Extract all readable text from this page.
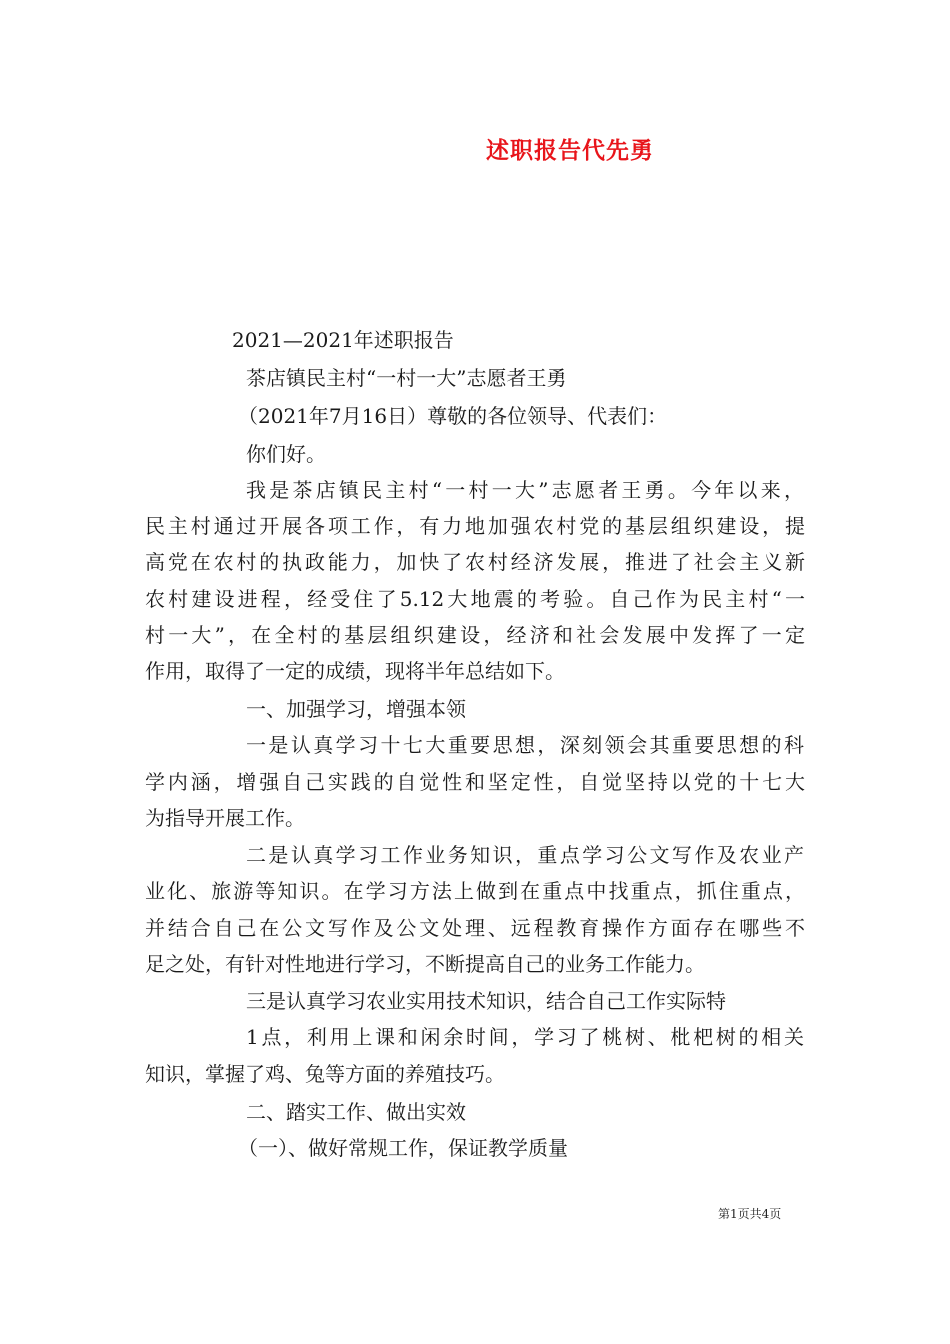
述职报告代先勇
2021—2021年述职报告
茶店镇民主村“一村一大”志愿者王勇
（2021年7月16日）尊敬的各位领导、代表们：
你们好。
我是茶店镇民主村“一村一大”志愿者王勇。今年以来，
民主村通过开展各项工作，有力地加强农村党的基层组织建设，提
高党在农村的执政能力，加快了农村经济发展，推进了社会主义新
农村建设进程，经受住了5.12大地震的考验。自己作为民主村“一
村一大”，在全村的基层组织建设，经济和社会发展中发挥了一定
作用，取得了一定的成绩，现将半年总结如下。
一、加强学习，增强本领
一是认真学习十七大重要思想，深刻领会其重要思想的科
学内涵，增强自己实践的自觉性和坚定性，自觉坚持以党的十七大
为指导开展工作。
二是认真学习工作业务知识，重点学习公文写作及农业产
业化、旅游等知识。在学习方法上做到在重点中找重点，抓住重点，
并结合自己在公文写作及公文处理、远程教育操作方面存在哪些不
足之处，有针对性地进行学习，不断提高自己的业务工作能力。
三是认真学习农业实用技术知识，结合自己工作实际特
1点，利用上课和闲余时间，学习了桃树、枇杷树的相关
知识，掌握了鸡、兔等方面的养殖技巧。
二、踏实工作、做出实效
（一）、做好常规工作，保证教学质量
第1页共4页
